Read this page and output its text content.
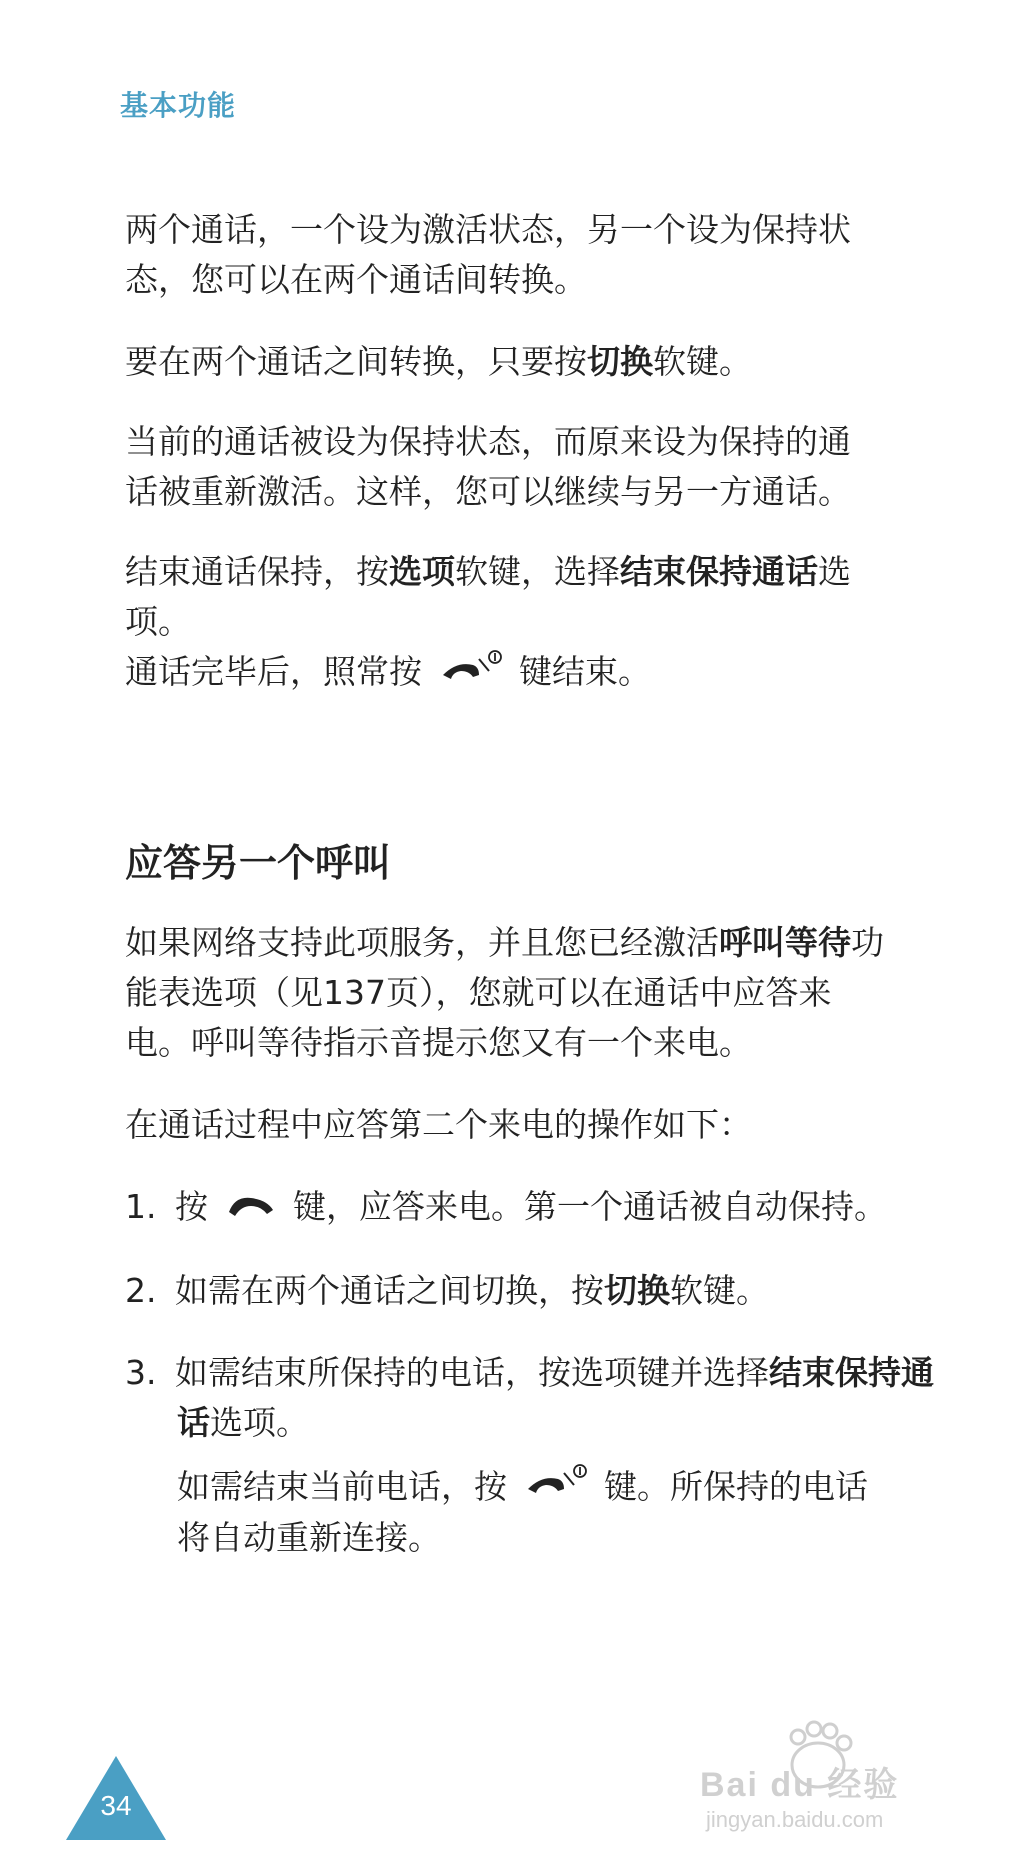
基本功能

两个通话，一个设为激活状态，另一个设为保持状态，您可以在两个通话间转换。

要在两个通话之间转换，只要按切换软键。

当前的通话被设为保持状态，而原来设为保持的通话被重新激活。这样，您可以继续与另一方通话。

结束通话保持，按选项软键，选择结束保持通话选项。

通话完毕后，照常按	键结束。

应答另一个呼叫

如果网络支持此项服务，并且您已经激活呼叫等待功能表选项（见137页），您就可以在通话中应答来电。呼叫等待指示音提示您又有一个来电。

在通话过程中应答第二个来电的操作如下：

1. 按	键，应答来电。第一个通话被自动保持。

2. 如需在两个通话之间切换，按切换软键。

3. 如需结束所保持的电话，按选项键并选择结束保持通话选项。

如需结束当前电话，按	键。所保持的电话将自动重新连接。

34
Bai du 经验
jingyan.baidu.com
